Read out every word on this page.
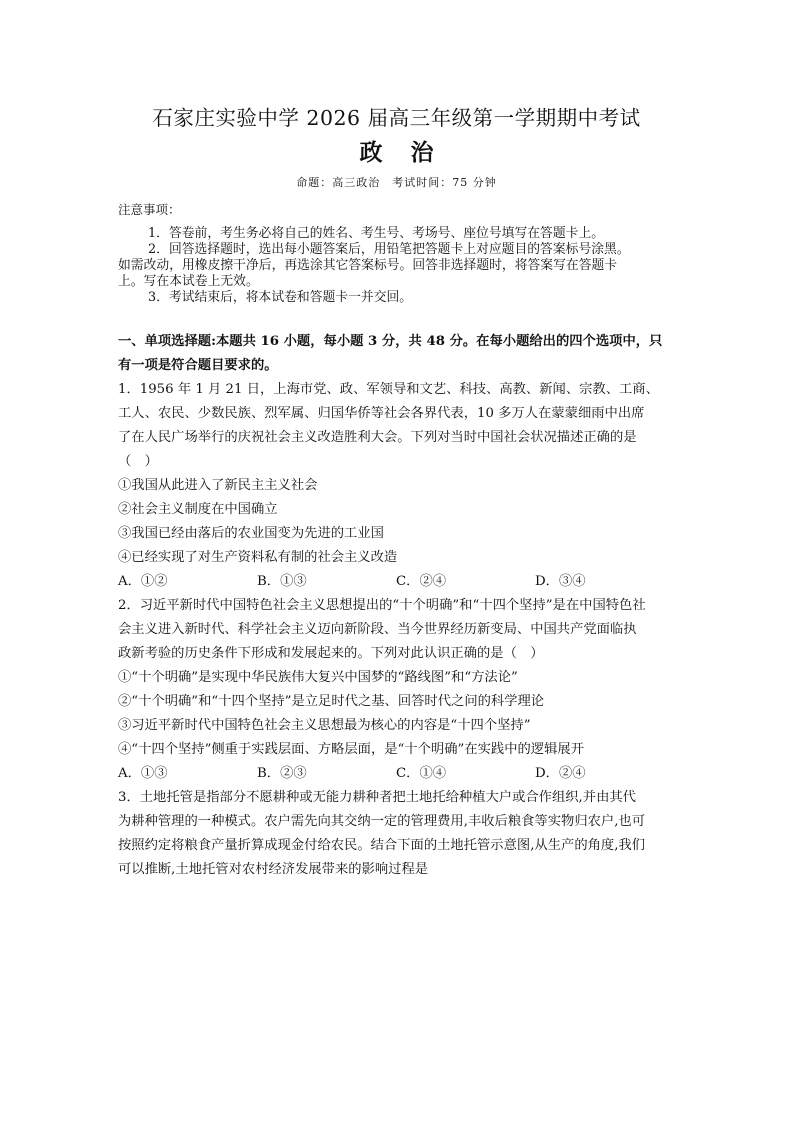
石家庄实验中学 2026 届高三年级第一学期期中考试
政 治
命题：高三政治　考试时间：75 分钟
注意事项：
1．答卷前，考生务必将自己的姓名、考生号、考场号、座位号填写在答题卡上。
2．回答选择题时，选出每小题答案后，用铅笔把答题卡上对应题目的答案标号涂黑。
如需改动，用橡皮擦干净后，再选涂其它答案标号。回答非选择题时，将答案写在答题卡
上。写在本试卷上无效。
3．考试结束后，将本试卷和答题卡一并交回。
一、单项选择题:本题共 16 小题，每小题 3 分，共 48 分。在每小题给出的四个选项中，只
有一项是符合题目要求的。
1．1956 年 1 月 21 日，上海市党、政、军领导和文艺、科技、高教、新闻、宗教、工商、
工人、农民、少数民族、烈军属、归国华侨等社会各界代表，10 多万人在蒙蒙细雨中出席
了在人民广场举行的庆祝社会主义改造胜利大会。下列对当时中国社会状况描述正确的是
（　）
①我国从此进入了新民主主义社会
②社会主义制度在中国确立
③我国已经由落后的农业国变为先进的工业国
④已经实现了对生产资料私有制的社会主义改造
A．①②	B．①③	C．②④	D．③④
2．习近平新时代中国特色社会主义思想提出的“十个明确”和“十四个坚持”是在中国特色社
会主义进入新时代、科学社会主义迈向新阶段、当今世界经历新变局、中国共产党面临执
政新考验的历史条件下形成和发展起来的。下列对此认识正确的是（　）
①“十个明确”是实现中华民族伟大复兴中国梦的“路线图”和“方法论”
②“十个明确”和“十四个坚持”是立足时代之基、回答时代之问的科学理论
③习近平新时代中国特色社会主义思想最为核心的内容是“十四个坚持”
④“十四个坚持”侧重于实践层面、方略层面，是“十个明确”在实践中的逻辑展开
A．①③	B．②③	C．①④	D．②④
3．土地托管是指部分不愿耕种或无能力耕种者把土地托给种植大户或合作组织,并由其代
为耕种管理的一种模式。农户需先向其交纳一定的管理费用,丰收后粮食等实物归农户,也可
按照约定将粮食产量折算成现金付给农民。结合下面的土地托管示意图,从生产的角度,我们
可以推断,土地托管对农村经济发展带来的影响过程是
